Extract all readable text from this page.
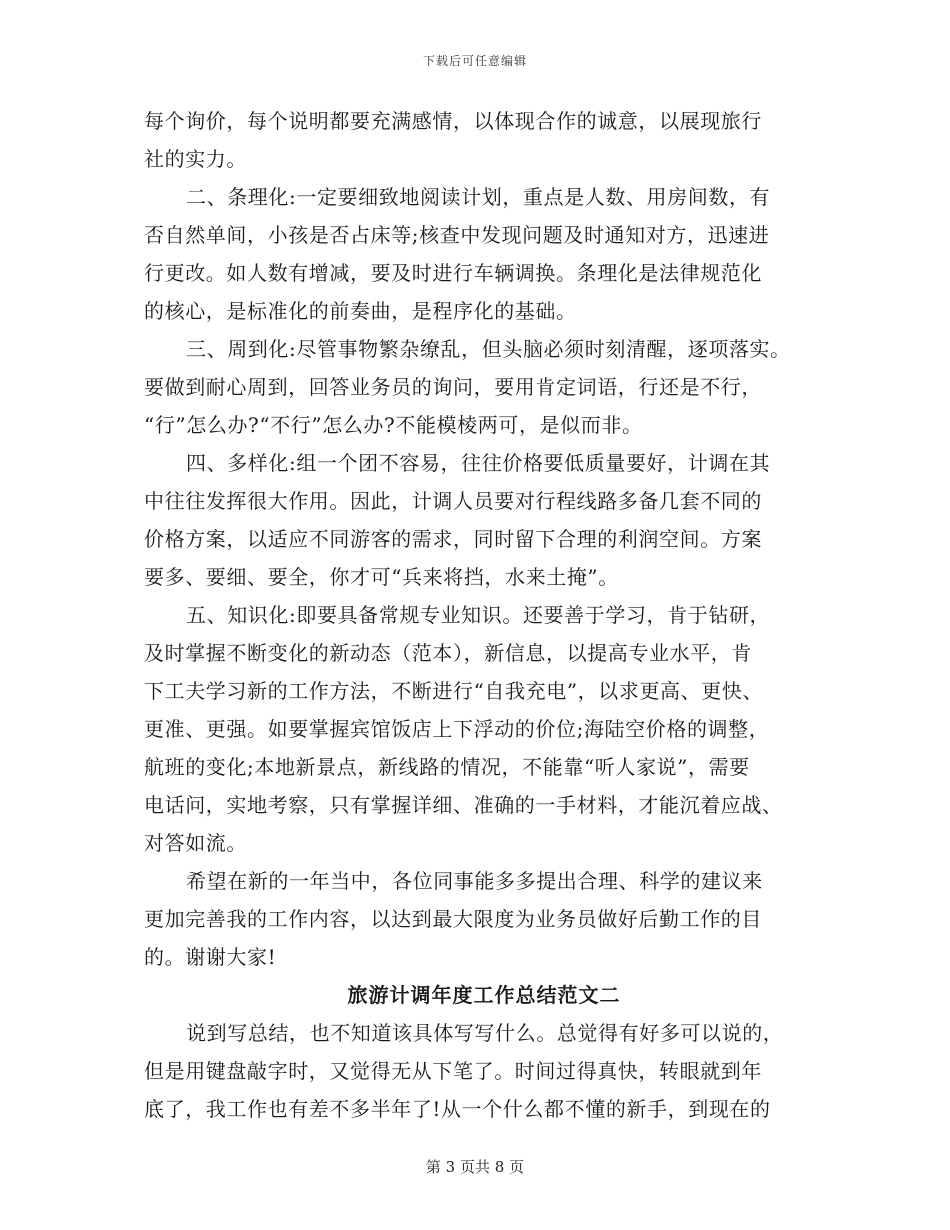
下载后可任意编辑
每个询价，每个说明都要充满感情，以体现合作的诚意，以展现旅行
社的实力。
二、条理化:一定要细致地阅读计划，重点是人数、用房间数，有
否自然单间，小孩是否占床等;核查中发现问题及时通知对方，迅速进
行更改。如人数有增减，要及时进行车辆调换。条理化是法律规范化
的核心，是标准化的前奏曲，是程序化的基础。
三、周到化:尽管事物繁杂缭乱，但头脑必须时刻清醒，逐项落实。
要做到耐心周到，回答业务员的询问，要用肯定词语，行还是不行，
“行”怎么办?“不行”怎么办?不能模棱两可，是似而非。
四、多样化:组一个团不容易，往往价格要低质量要好，计调在其
中往往发挥很大作用。因此，计调人员要对行程线路多备几套不同的
价格方案，以适应不同游客的需求，同时留下合理的利润空间。方案
要多、要细、要全，你才可“兵来将挡，水来土掩”。
五、知识化:即要具备常规专业知识。还要善于学习，肯于钻研，
及时掌握不断变化的新动态（范本），新信息，以提高专业水平，肯
下工夫学习新的工作方法，不断进行“自我充电”，以求更高、更快、
更准、更强。如要掌握宾馆饭店上下浮动的价位;海陆空价格的调整，
航班的变化;本地新景点，新线路的情况，不能靠“听人家说”，需要
电话问，实地考察，只有掌握详细、准确的一手材料，才能沉着应战、
对答如流。
希望在新的一年当中，各位同事能多多提出合理、科学的建议来
更加完善我的工作内容，以达到最大限度为业务员做好后勤工作的目
的。谢谢大家!
旅游计调年度工作总结范文二
说到写总结，也不知道该具体写写什么。总觉得有好多可以说的，
但是用键盘敲字时，又觉得无从下笔了。时间过得真快，转眼就到年
底了，我工作也有差不多半年了!从一个什么都不懂的新手，到现在的
第 3 页共 8 页
